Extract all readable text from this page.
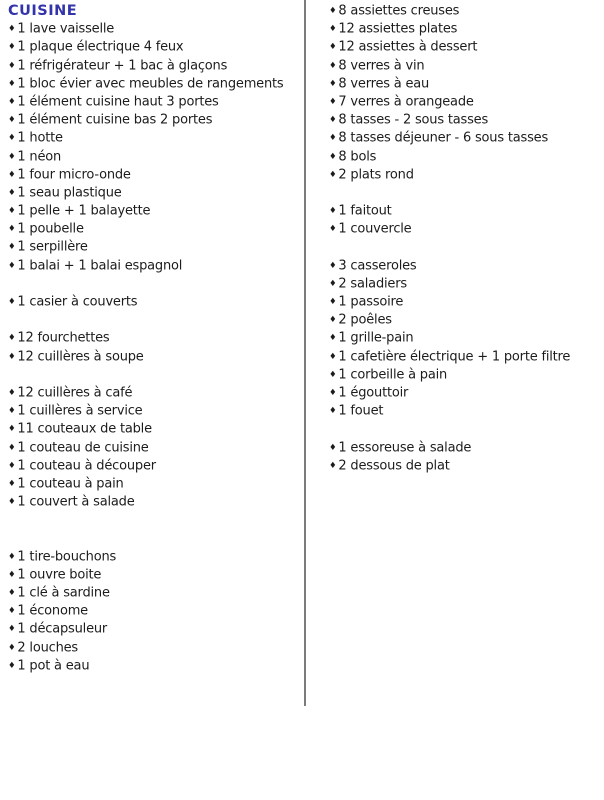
CUISINE
♦ 1 lave vaisselle
♦ 1 plaque électrique 4 feux
♦ 1 réfrigérateur + 1 bac à glaçons
♦ 1 bloc évier avec meubles de rangements
♦ 1 élément cuisine haut 3 portes
♦ 1 élément cuisine bas 2 portes
♦ 1 hotte
♦ 1 néon
♦ 1 four micro-onde
♦ 1 seau plastique
♦ 1 pelle + 1 balayette
♦ 1 poubelle
♦ 1 serpillère
♦ 1 balai + 1 balai espagnol
♦ 1 casier à couverts
♦ 12 fourchettes
♦ 12 cuillères à soupe
♦ 12 cuillères à café
♦ 1 cuillères à service
♦ 11 couteaux de table
♦ 1 couteau de cuisine
♦ 1 couteau à découper
♦ 1 couteau à pain
♦ 1 couvert à salade
♦ 1 tire-bouchons
♦ 1 ouvre boite
♦ 1 clé à sardine
♦ 1 économe
♦ 1 décapsuleur
♦ 2 louches
♦ 1 pot à eau
♦ 8 assiettes creuses
♦ 12 assiettes plates
♦ 12 assiettes à dessert
♦ 8 verres à vin
♦ 8 verres à eau
♦ 7 verres à orangeade
♦ 8 tasses - 2 sous tasses
♦ 8 tasses déjeuner - 6 sous tasses
♦ 8 bols
♦ 2 plats rond
♦ 1 faitout
♦ 1 couvercle
♦ 3 casseroles
♦ 2 saladiers
♦ 1 passoire
♦ 2 poêles
♦ 1 grille-pain
♦ 1 cafetière électrique + 1 porte filtre
♦ 1 corbeille à pain
♦ 1 égouttoir
♦ 1 fouet
♦ 1 essoreuse à salade
♦ 2 dessous de plat
